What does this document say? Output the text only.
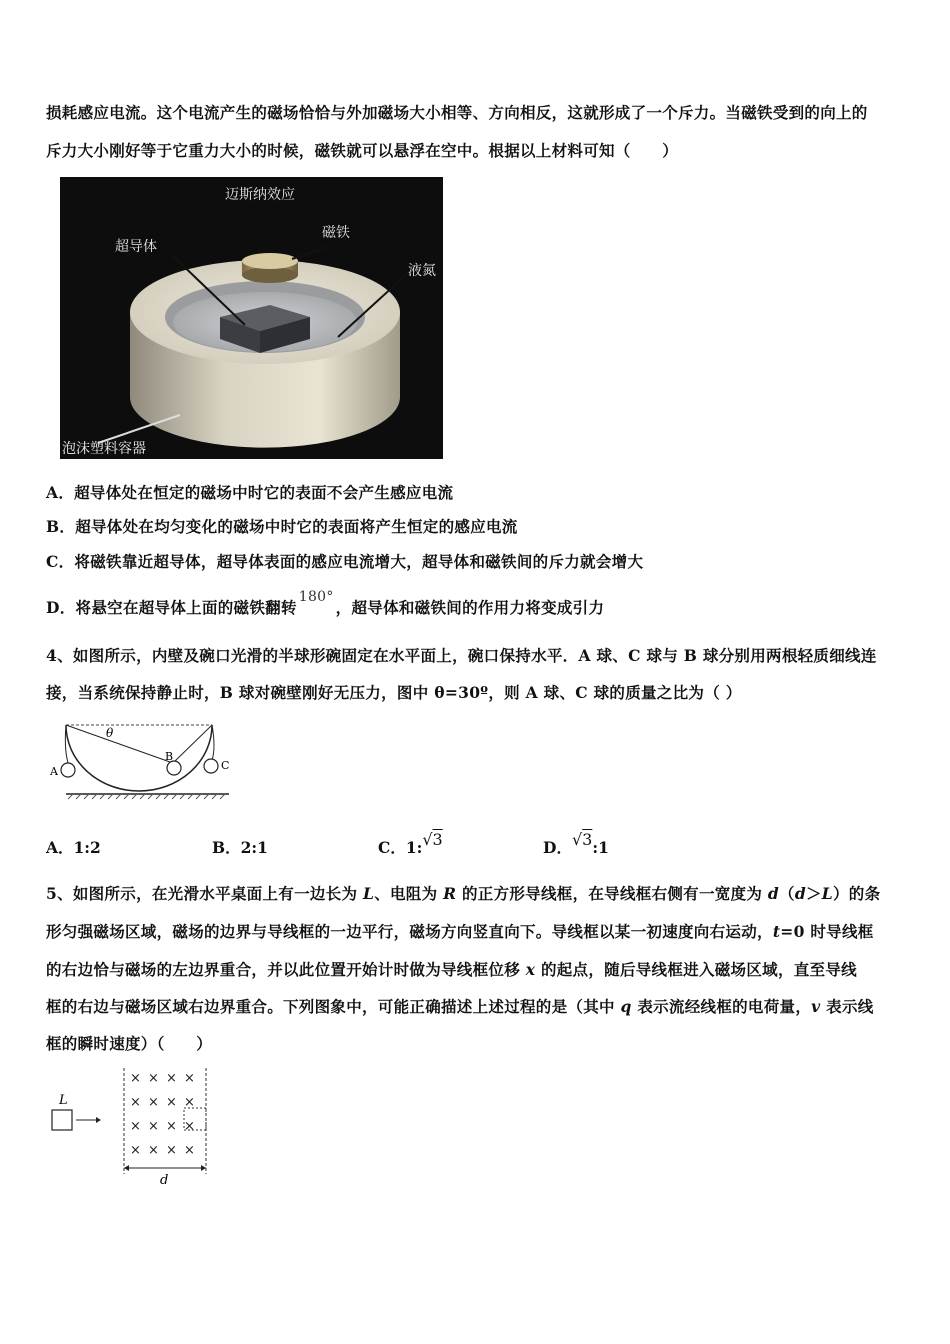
损耗感应电流。这个电流产生的磁场恰恰与外加磁场大小相等、方向相反，这就形成了一个斥力。当磁铁受到的向上的
斥力大小刚好等于它重力大小的时候，磁铁就可以悬浮在空中。根据以上材料可知（　　）
迈斯纳效应
超导体
磁铁
液氮
泡沫塑料容器
A．超导体处在恒定的磁场中时它的表面不会产生感应电流
B．超导体处在均匀变化的磁场中时它的表面将产生恒定的感应电流
C．将磁铁靠近超导体，超导体表面的感应电流增大，超导体和磁铁间的斥力就会增大
D．将悬空在超导体上面的磁铁翻转180°，超导体和磁铁间的作用力将变成引力
4、如图所示，内壁及碗口光滑的半球形碗固定在水平面上，碗口保持水平．A 球、C 球与 B 球分别用两根轻质细线连
接，当系统保持静止时，B 球对碗壁刚好无压力，图中 θ=30º，则 A 球、C 球的质量之比为（ ）
θ
A
B
C
A．1:2	B．2:1	C．1:√3	D．√3:1
5、如图所示，在光滑水平桌面上有一边长为 L、电阻为 R 的正方形导线框，在导线框右侧有一宽度为 d（d＞L）的条
形匀强磁场区域，磁场的边界与导线框的一边平行，磁场方向竖直向下。导线框以某一初速度向右运动，t=0 时导线框
的右边恰与磁场的左边界重合，并以此位置开始计时做为导线框位移 x 的起点，随后导线框进入磁场区域，直至导线
框的右边与磁场区域右边界重合。下列图象中，可能正确描述上述过程的是（其中 q 表示流经线框的电荷量，v 表示线
框的瞬时速度）（　　）
L
× × × ×
× × × ×
× × × ×
× × × ×
d
